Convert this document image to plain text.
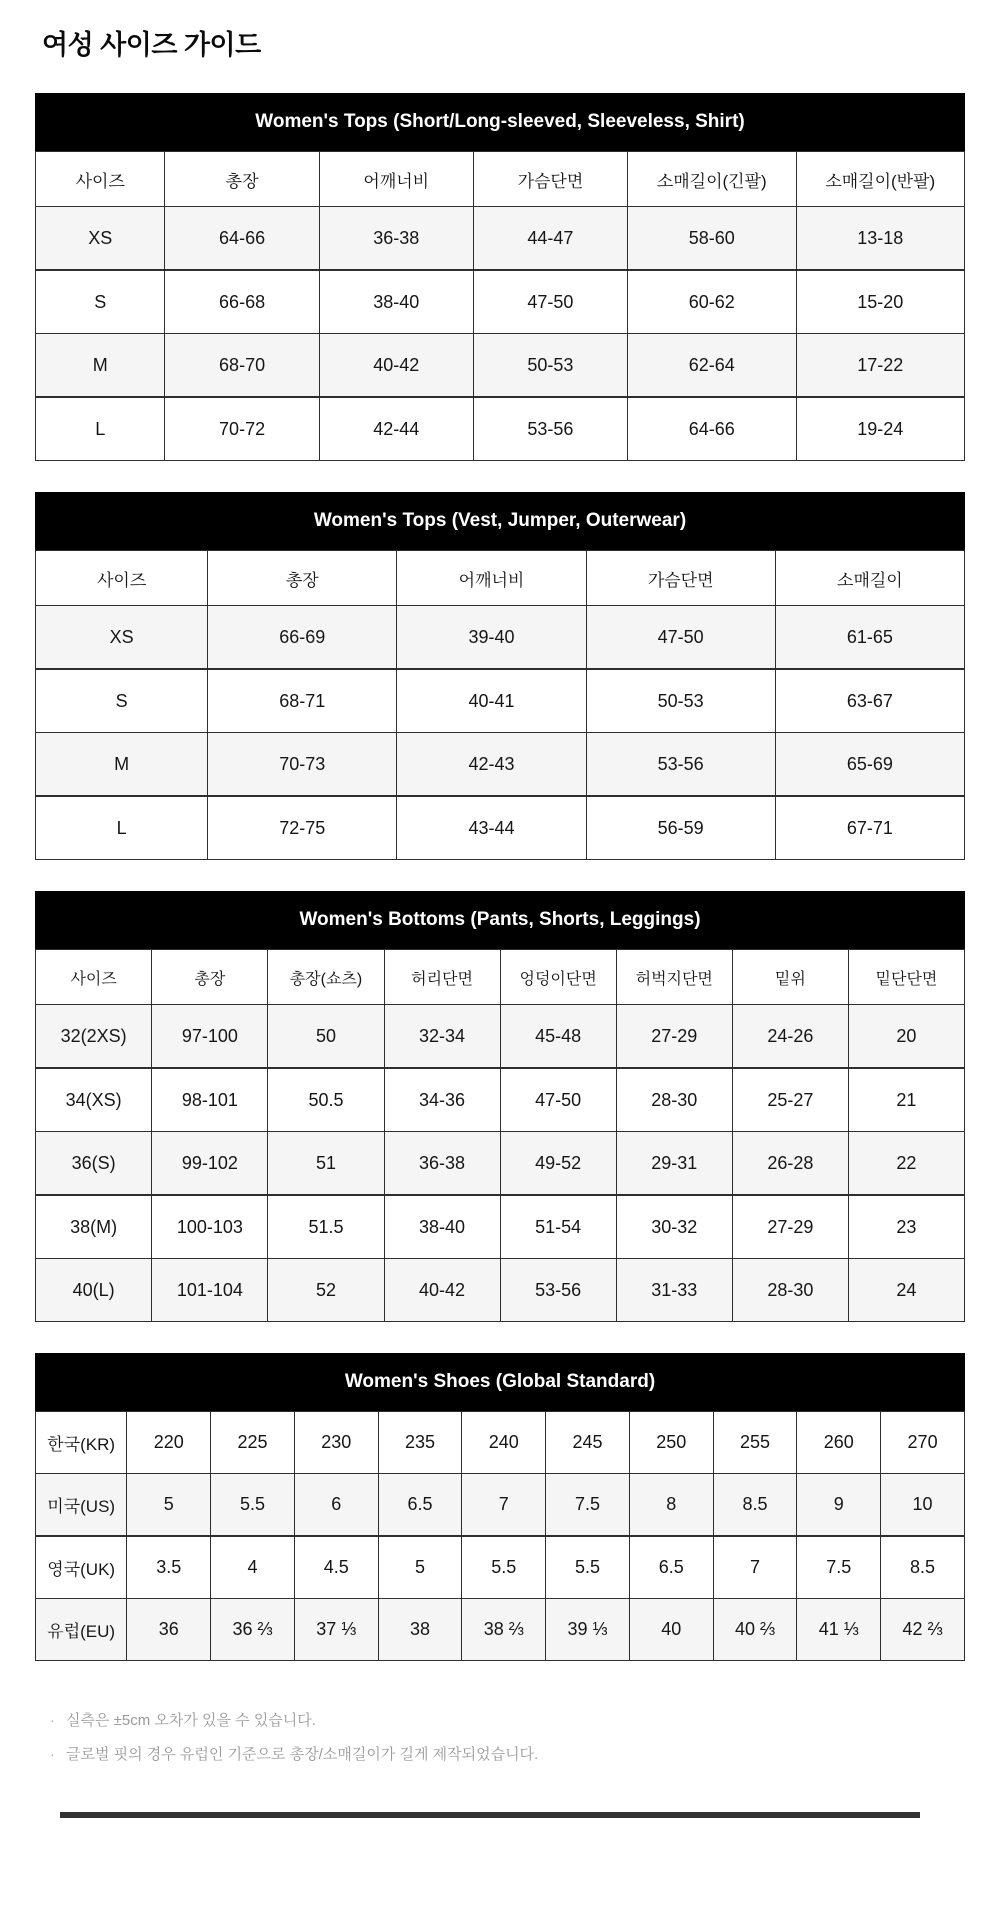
여성 사이즈 가이드
Women's Tops (Short/Long-sleeved, Sleeveless, Shirt)
사이즈	총장	어깨너비	가슴단면	소매길이(긴팔)	소매길이(반팔)
XS	64-66	36-38	44-47	58-60	13-18
S	66-68	38-40	47-50	60-62	15-20
M	68-70	40-42	50-53	62-64	17-22
L	70-72	42-44	53-56	64-66	19-24
Women's Tops (Vest, Jumper, Outerwear)
사이즈	총장	어깨너비	가슴단면	소매길이
XS	66-69	39-40	47-50	61-65
S	68-71	40-41	50-53	63-67
M	70-73	42-43	53-56	65-69
L	72-75	43-44	56-59	67-71
Women's Bottoms (Pants, Shorts, Leggings)
사이즈	총장	총장(쇼츠)	허리단면	엉덩이단면	허벅지단면	밑위	밑단단면
32(2XS)	97-100	50	32-34	45-48	27-29	24-26	20
34(XS)	98-101	50.5	34-36	47-50	28-30	25-27	21
36(S)	99-102	51	36-38	49-52	29-31	26-28	22
38(M)	100-103	51.5	38-40	51-54	30-32	27-29	23
40(L)	101-104	52	40-42	53-56	31-33	28-30	24
Women's Shoes (Global Standard)
한국(KR)	220	225	230	235	240	245	250	255	260	270
미국(US)	5	5.5	6	6.5	7	7.5	8	8.5	9	10
영국(UK)	3.5	4	4.5	5	5.5	5.5	6.5	7	7.5	8.5
유럽(EU)	36	36 ⅔	37 ⅓	38	38 ⅔	39 ⅓	40	40 ⅔	41 ⅓	42 ⅔
· 실측은 ±5cm 오차가 있을 수 있습니다.
· 글로벌 핏의 경우 유럽인 기준으로 총장/소매길이가 길게 제작되었습니다.
